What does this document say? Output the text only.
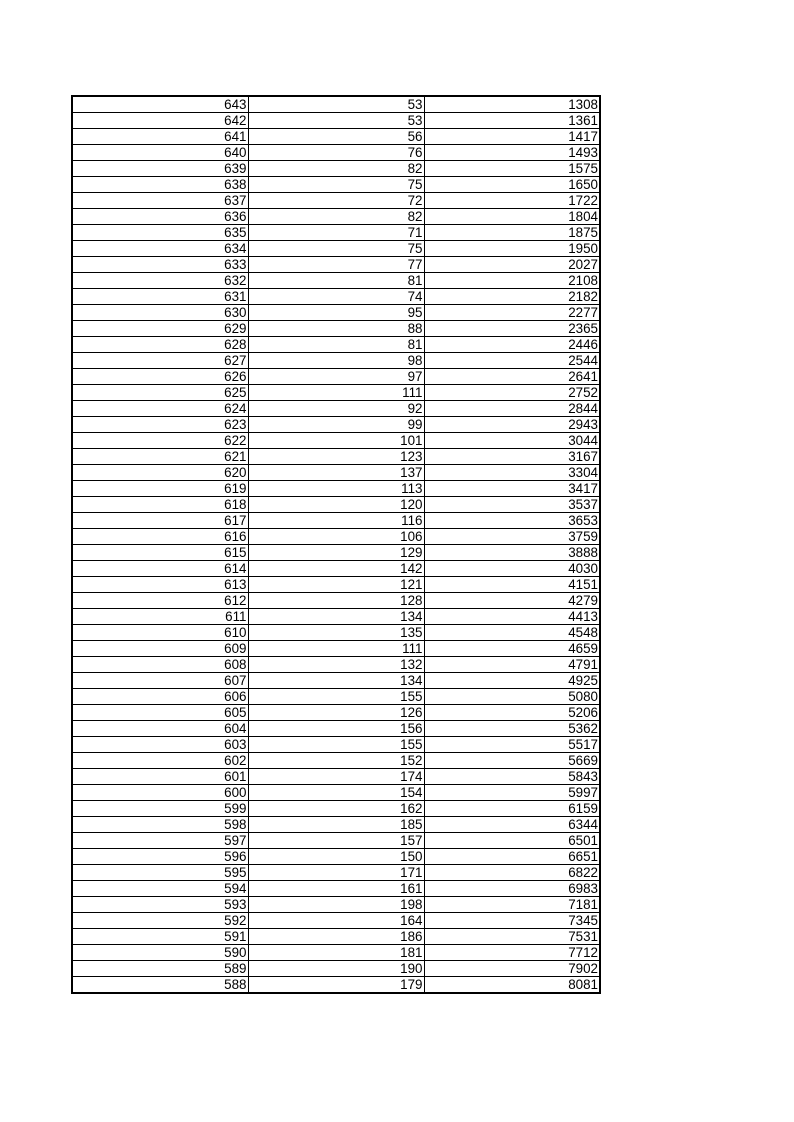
643	53	1308
642	53	1361
641	56	1417
640	76	1493
639	82	1575
638	75	1650
637	72	1722
636	82	1804
635	71	1875
634	75	1950
633	77	2027
632	81	2108
631	74	2182
630	95	2277
629	88	2365
628	81	2446
627	98	2544
626	97	2641
625	111	2752
624	92	2844
623	99	2943
622	101	3044
621	123	3167
620	137	3304
619	113	3417
618	120	3537
617	116	3653
616	106	3759
615	129	3888
614	142	4030
613	121	4151
612	128	4279
611	134	4413
610	135	4548
609	111	4659
608	132	4791
607	134	4925
606	155	5080
605	126	5206
604	156	5362
603	155	5517
602	152	5669
601	174	5843
600	154	5997
599	162	6159
598	185	6344
597	157	6501
596	150	6651
595	171	6822
594	161	6983
593	198	7181
592	164	7345
591	186	7531
590	181	7712
589	190	7902
588	179	8081
